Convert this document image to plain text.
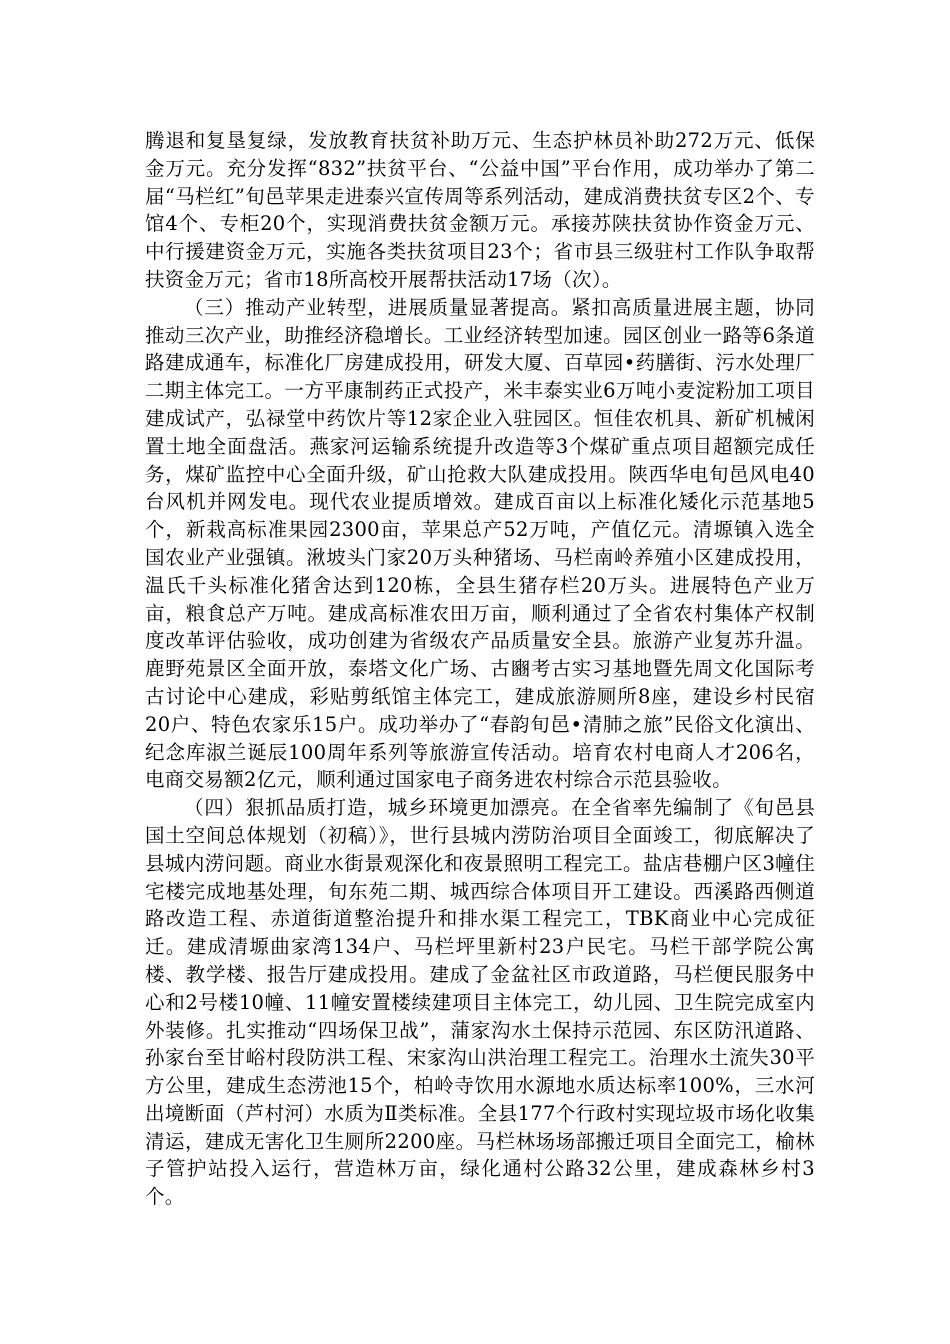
腾退和复垦复绿，发放教育扶贫补助万元、生态护林员补助272万元、低保金万元。充分发挥“832”扶贫平台、“公益中国”平台作用，成功举办了第二届“马栏红”旬邑苹果走进泰兴宣传周等系列活动，建成消费扶贫专区2个、专馆4个、专柜20个，实现消费扶贫金额万元。承接苏陕扶贫协作资金万元、中行援建资金万元，实施各类扶贫项目23个；省市县三级驻村工作队争取帮扶资金万元；省市18所高校开展帮扶活动17场（次）。

（三）推动产业转型，进展质量显著提高。紧扣高质量进展主题，协同推动三次产业，助推经济稳增长。工业经济转型加速。园区创业一路等6条道路建成通车，标准化厂房建成投用，研发大厦、百草园•药膳街、污水处理厂二期主体完工。一方平康制药正式投产，米丰泰实业6万吨小麦淀粉加工项目建成试产，弘禄堂中药饮片等12家企业入驻园区。恒佳农机具、新矿机械闲置土地全面盘活。燕家河运输系统提升改造等3个煤矿重点项目超额完成任务，煤矿监控中心全面升级，矿山抢救大队建成投用。陕西华电旬邑风电40台风机并网发电。现代农业提质增效。建成百亩以上标准化矮化示范基地5个，新栽高标准果园2300亩，苹果总产52万吨，产值亿元。清塬镇入选全国农业产业强镇。湫坡头门家20万头种猪场、马栏南岭养殖小区建成投用，温氏千头标准化猪舍达到120栋，全县生猪存栏20万头。进展特色产业万亩，粮食总产万吨。建成高标准农田万亩，顺利通过了全省农村集体产权制度改革评估验收，成功创建为省级农产品质量安全县。旅游产业复苏升温。鹿野苑景区全面开放，泰塔文化广场、古豳考古实习基地暨先周文化国际考古讨论中心建成，彩贴剪纸馆主体完工，建成旅游厕所8座，建设乡村民宿20户、特色农家乐15户。成功举办了“春韵旬邑•清肺之旅”民俗文化演出、纪念库淑兰诞辰100周年系列等旅游宣传活动。培育农村电商人才206名，电商交易额2亿元，顺利通过国家电子商务进农村综合示范县验收。

（四）狠抓品质打造，城乡环境更加漂亮。在全省率先编制了《旬邑县国土空间总体规划（初稿）》，世行县城内涝防治项目全面竣工，彻底解决了县城内涝问题。商业水街景观深化和夜景照明工程完工。盐店巷棚户区3幢住宅楼完成地基处理，旬东苑二期、城西综合体项目开工建设。西溪路西侧道路改造工程、赤道街道整治提升和排水渠工程完工，TBK商业中心完成征迁。建成清塬曲家湾134户、马栏坪里新村23户民宅。马栏干部学院公寓楼、教学楼、报告厅建成投用。建成了金盆社区市政道路，马栏便民服务中心和2号楼10幢、11幢安置楼续建项目主体完工，幼儿园、卫生院完成室内外装修。扎实推动“四场保卫战”，蒲家沟水土保持示范园、东区防汛道路、孙家台至甘峪村段防洪工程、宋家沟山洪治理工程完工。治理水土流失30平方公里，建成生态涝池15个，柏岭寺饮用水源地水质达标率100%，三水河出境断面（芦村河）水质为Ⅱ类标准。全县177个行政村实现垃圾市场化收集清运，建成无害化卫生厕所2200座。马栏林场场部搬迁项目全面完工，榆林子管护站投入运行，营造林万亩，绿化通村公路32公里，建成森林乡村3个。
